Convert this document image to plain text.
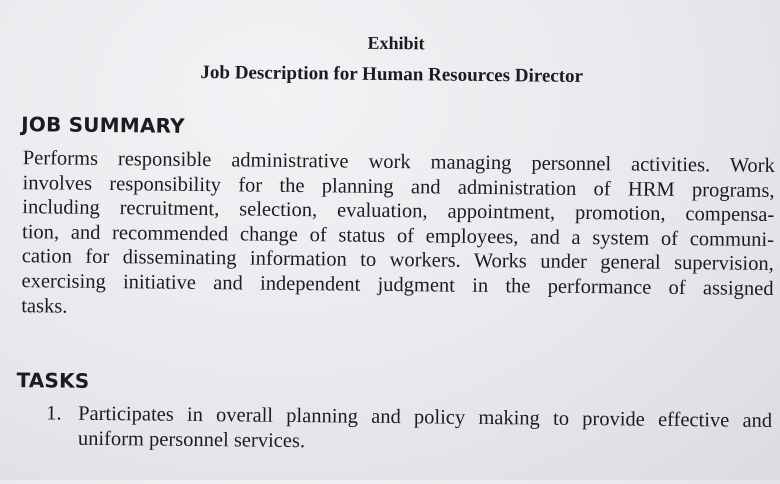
Exhibit
Job Description for Human Resources Director
JOB SUMMARY
Performs responsible administrative work managing personnel activities. Work
involves responsibility for the planning and administration of HRM programs,
including recruitment, selection, evaluation, appointment, promotion, compensa-
tion, and recommended change of status of employees, and a system of communi-
cation for disseminating information to workers. Works under general supervision,
exercising initiative and independent judgment in the performance of assigned
tasks.
TASKS
1. Participates in overall planning and policy making to provide effective and
uniform personnel services.
